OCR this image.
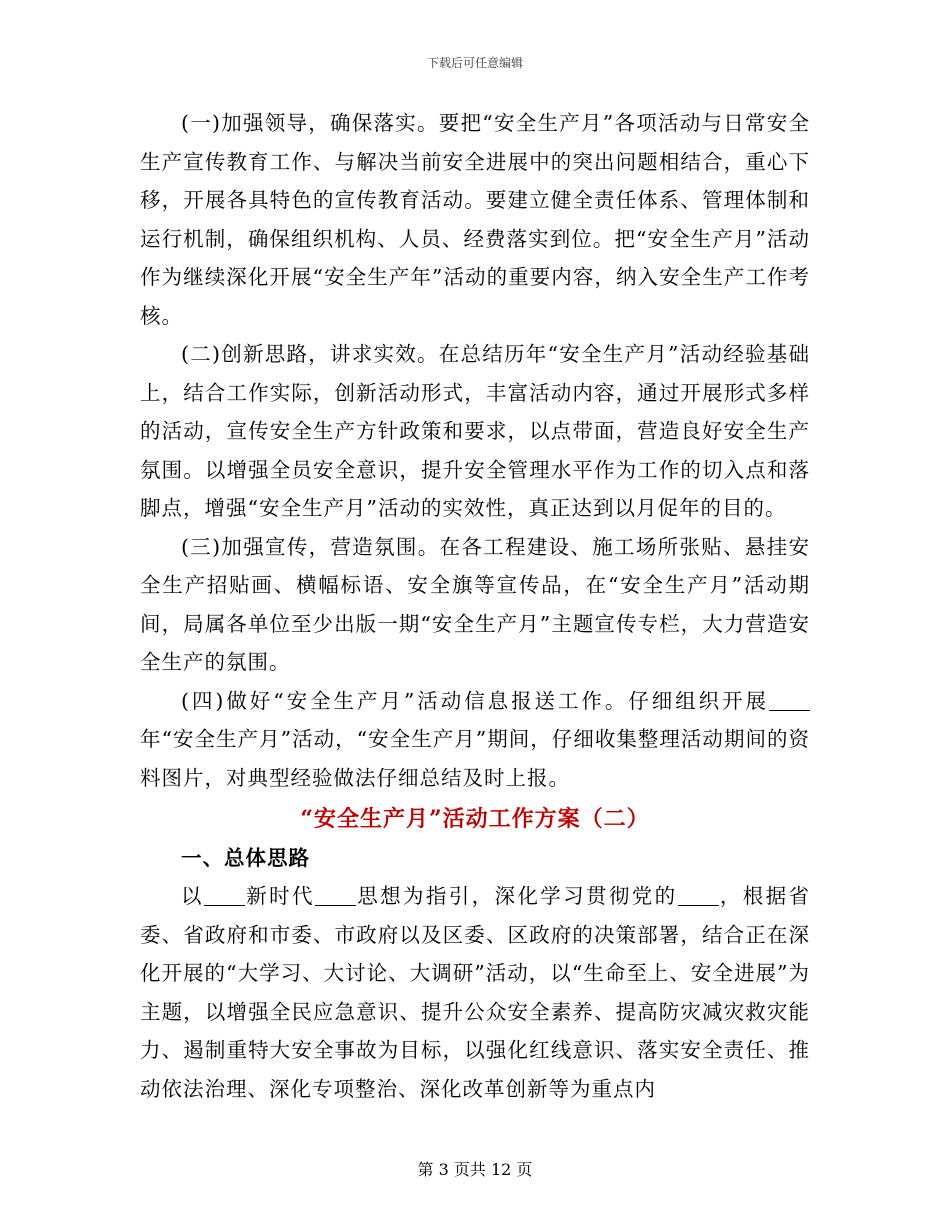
下载后可任意编辑

(一)加强领导，确保落实。要把“安全生产月”各项活动与日常安全生产宣传教育工作、与解决当前安全进展中的突出问题相结合，重心下移，开展各具特色的宣传教育活动。要建立健全责任体系、管理体制和运行机制，确保组织机构、人员、经费落实到位。把“安全生产月”活动作为继续深化开展“安全生产年”活动的重要内容，纳入安全生产工作考核。

(二)创新思路，讲求实效。在总结历年“安全生产月”活动经验基础上，结合工作实际，创新活动形式，丰富活动内容，通过开展形式多样的活动，宣传安全生产方针政策和要求，以点带面，营造良好安全生产氛围。以增强全员安全意识，提升安全管理水平作为工作的切入点和落脚点，增强“安全生产月”活动的实效性，真正达到以月促年的目的。

(三)加强宣传，营造氛围。在各工程建设、施工场所张贴、悬挂安全生产招贴画、横幅标语、安全旗等宣传品，在“安全生产月”活动期间，局属各单位至少出版一期“安全生产月”主题宣传专栏，大力营造安全生产的氛围。

(四)做好“安全生产月”活动信息报送工作。仔细组织开展年“安全生产月”活动，“安全生产月”期间，仔细收集整理活动期间的资料图片，对典型经验做法仔细总结及时上报。

“安全生产月”活动工作方案（二）
一、总体思路

以 新时代 思想为指引，深化学习贯彻党的 ，根据省委、省政府和市委、市政府以及区委、区政府的决策部署，结合正在深化开展的“大学习、大讨论、大调研”活动，以“生命至上、安全进展”为主题，以增强全民应急意识、提升公众安全素养、提高防灾减灾救灾能力、遏制重特大安全事故为目标，以强化红线意识、落实安全责任、推动依法治理、深化专项整治、深化改革创新等为重点内

第 3 页共 12 页
